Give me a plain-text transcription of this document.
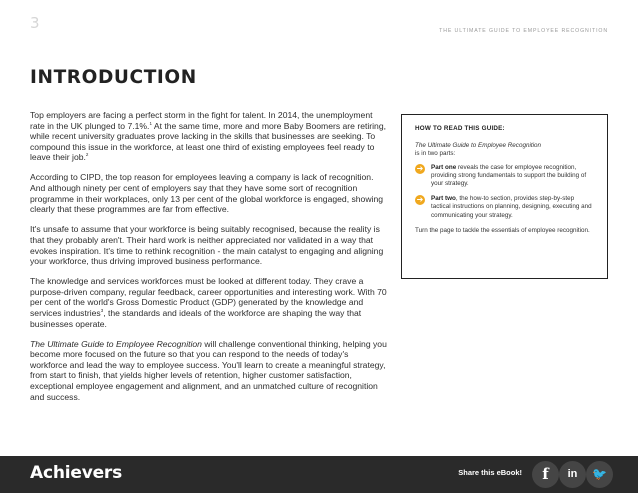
3	THE ULTIMATE GUIDE TO EMPLOYEE RECOGNITION
INTRODUCTION

Top employers are facing a perfect storm in the fight for talent. In 2014, the unemployment rate in the UK plunged to 7.1%.$^1$ At the same time, more and more Baby Boomers are retiring, while recent university graduates prove lacking in the skills that businesses are seeking. To compound this issue in the workforce, at least one third of existing employees feel ready to leave their job.$^2$

According to CIPD, the top reason for employees leaving a company is lack of recognition. And although ninety per cent of employers say that they have some sort of recognition programme in their workplaces, only 13 per cent of the global workforce is engaged, showing clearly that these programmes are far from effective.

It's unsafe to assume that your workforce is being suitably recognised, because the reality is that they probably aren't. Their hard work is neither appreciated nor validated in a way that evokes inspiration. It's time to rethink recognition - the main catalyst to engaging and aligning your workforce, thus driving improved business performance.

The knowledge and services workforces must be looked at different today. They crave a purpose-driven company, regular feedback, career opportunities and interesting work. With 70 per cent of the world's Gross Domestic Product (GDP) generated by the knowledge and services industries$^3$, the standards and ideals of the workforce are shaping the way that businesses operate.

The Ultimate Guide to Employee Recognition will challenge conventional thinking, helping you become more focused on the future so that you can respond to the needs of today's workforce and lead the way to employee success. You'll learn to create a meaningful strategy, from start to finish, that yields higher levels of retention, higher customer satisfaction, exceptional employee engagement and alignment, and an unmatched culture of recognition and success.

HOW TO READ THIS GUIDE:
The Ultimate Guide to Employee Recognition
is in two parts:
➔ Part one reveals the case for employee recognition, providing strong fundamentals to support the building of your strategy.
➔ Part two, the how-to section, provides step-by-step tactical instructions on planning, designing, executing and communicating your strategy.
Turn the page to tackle the essentials of employee recognition.
Achievers	Share this eBook!	f	in	🐦
